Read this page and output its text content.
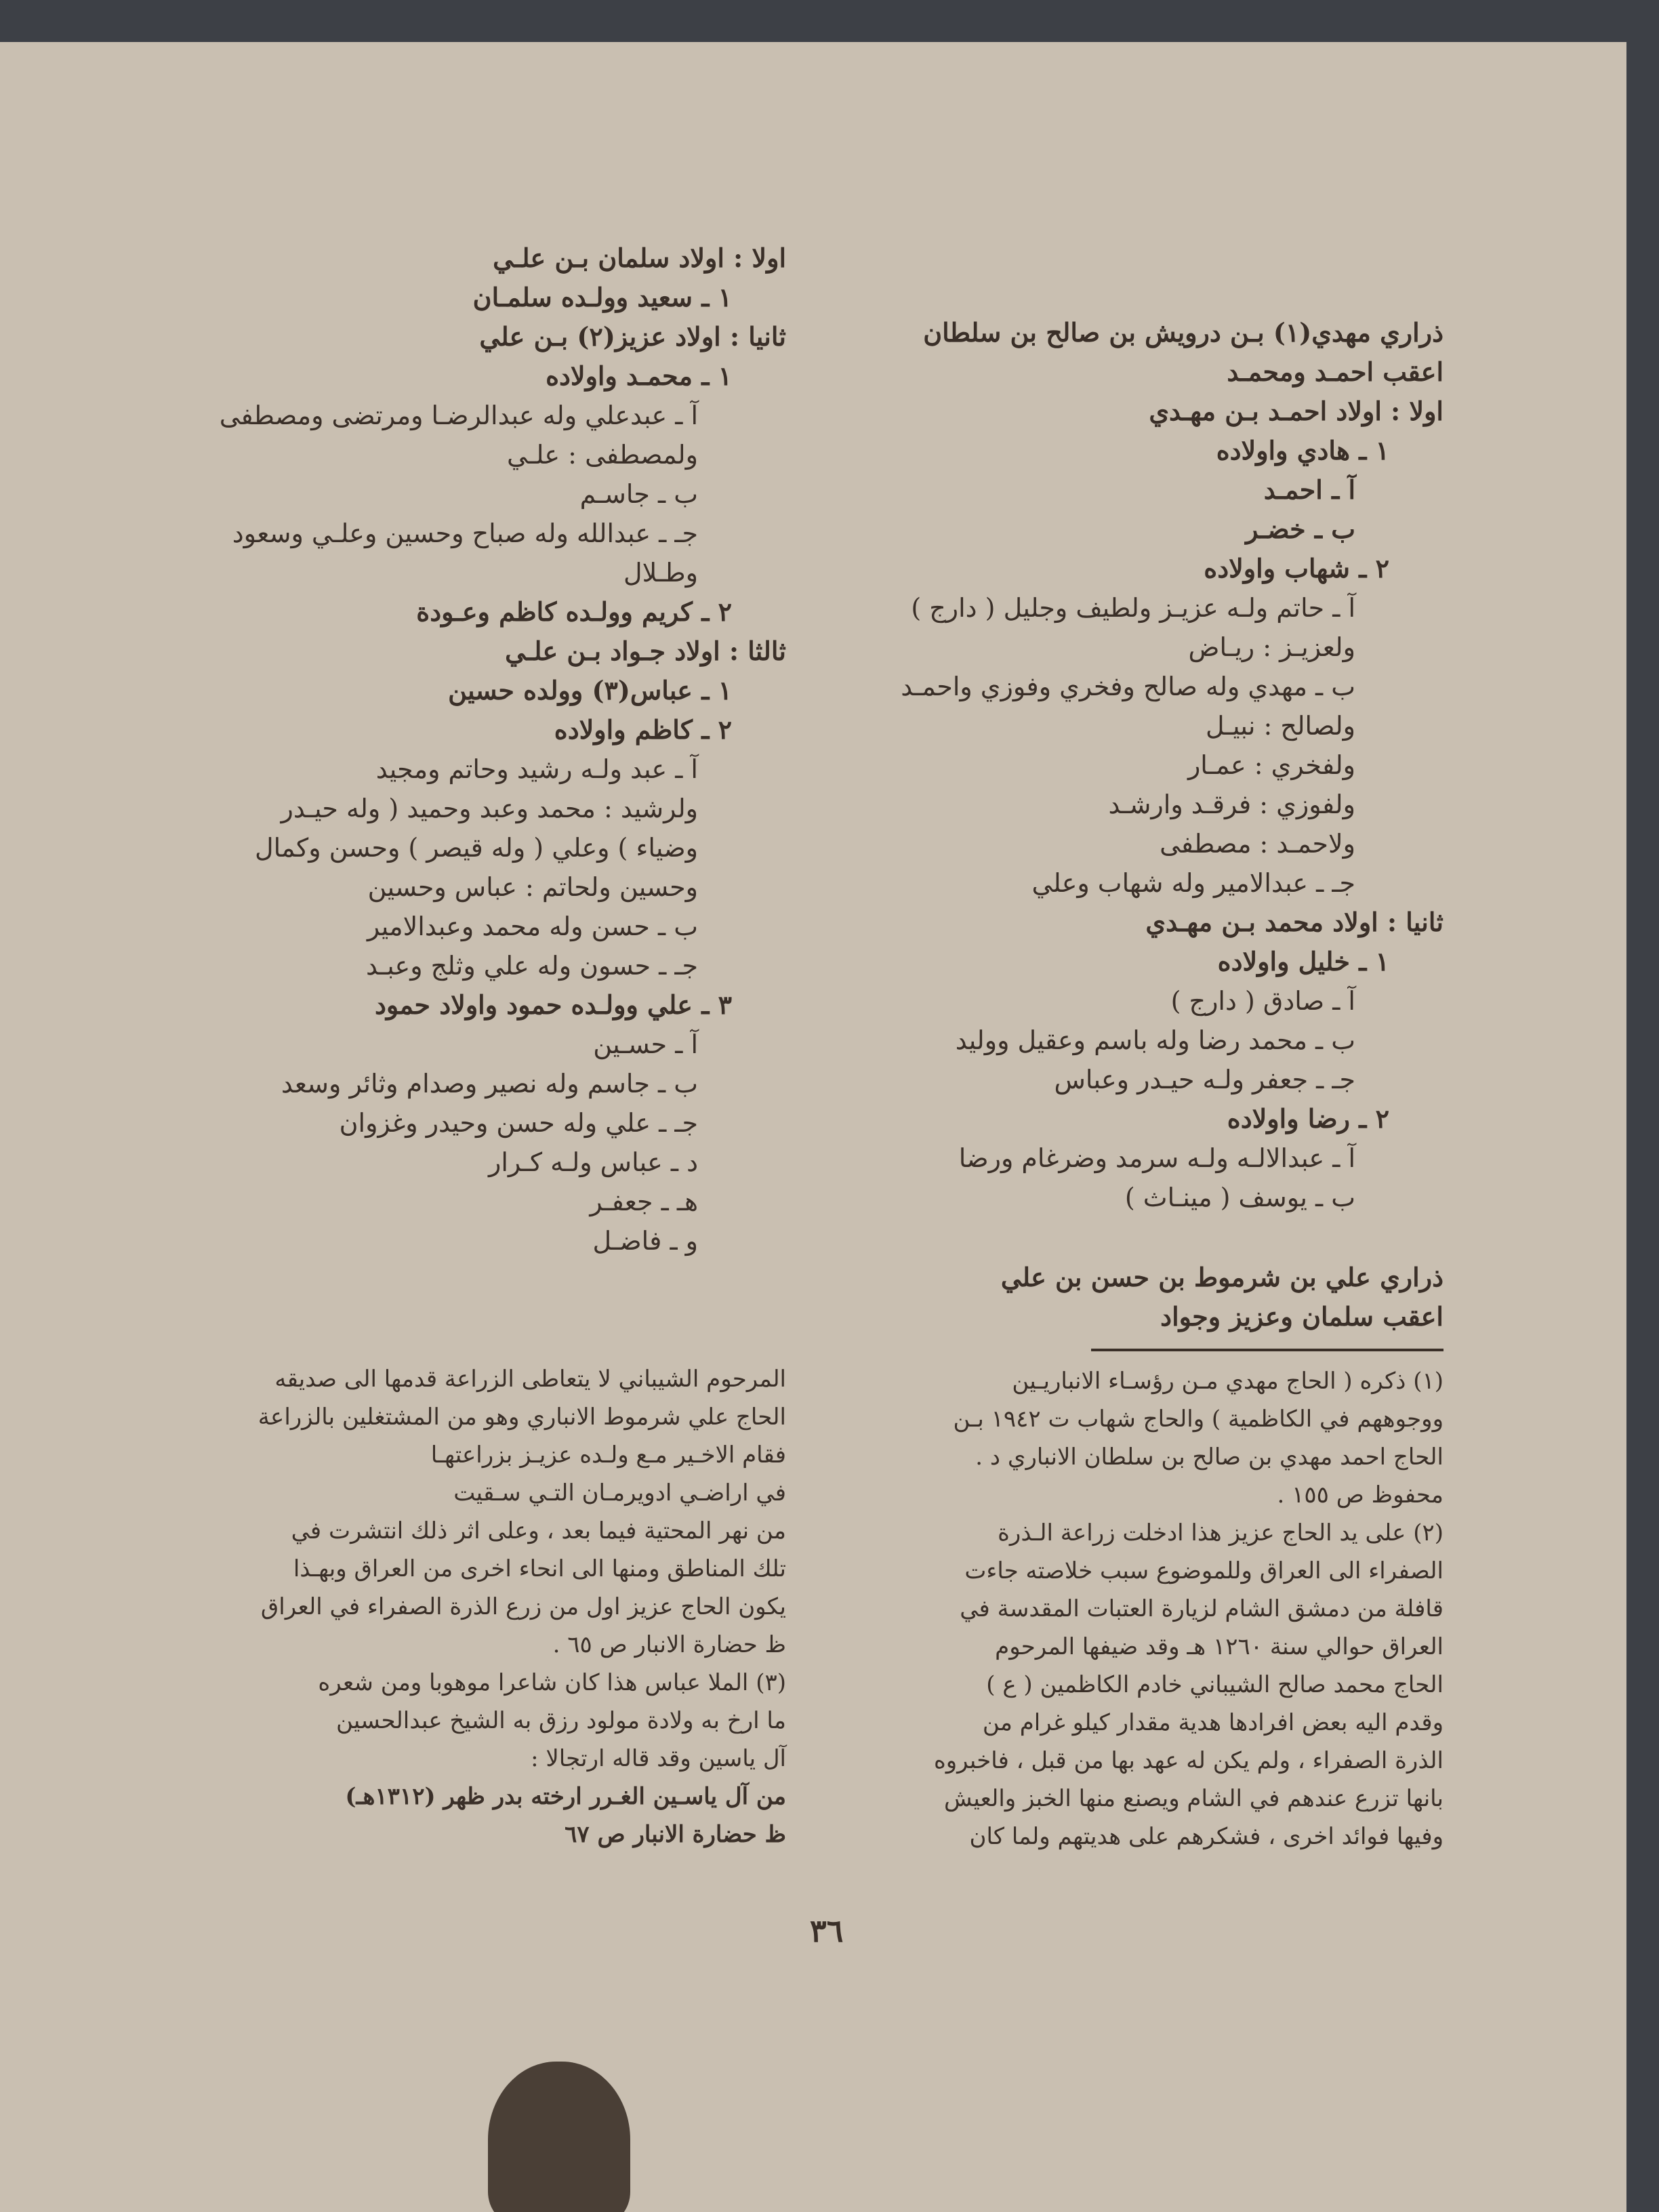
ذراري مهدي(١) بـن درويش بن صالح بن سلطان
اعقب احمـد ومحمـد
اولا : اولاد احمـد بـن مهـدي
١ ـ هادي واولاده
آ ـ احمـد
ب ـ خضـر
٢ ـ شهاب واولاده
آ ـ حاتم ولـه عزيـز ولطيف وجليل ( دارج )
ولعزيـز : ريـاض
ب ـ مهدي وله صالح وفخري وفوزي واحمـد
ولصالح : نبيـل
ولفخري : عمـار
ولفوزي : فرقـد وارشـد
ولاحمـد : مصطفى
جـ ـ عبدالامير وله شهاب وعلي
ثانيا : اولاد محمد بـن مهـدي
١ ـ خليل واولاده
آ ـ صادق ( دارج )
ب ـ محمد رضا وله باسم وعقيل ووليد
جـ ـ جعفر ولـه حيـدر وعباس
٢ ـ رضا واولاده
آ ـ عبدالالـه ولـه سرمد وضرغام ورضا
ب ـ يوسف ( مينـاث )
ذراري علي بن شرموط بن حسن بن علي
اعقب سلمان وعزيز وجواد
اولا : اولاد سلمان بـن علـي
١ ـ سعيد وولـده سلمـان
ثانيا : اولاد عزيز(٢) بـن علي
١ ـ محمـد واولاده
آ ـ عبدعلي وله عبدالرضـا ومرتضى ومصطفى
ولمصطفى : علـي
ب ـ جاسـم
جـ ـ عبدالله وله صباح وحسين وعلـي وسعود
وطـلال
٢ ـ كريم وولـده كاظم وعـودة
ثالثا : اولاد جـواد بـن علـي
١ ـ عباس(٣) وولده حسين
٢ ـ كاظم واولاده
آ ـ عبد ولـه رشيد وحاتم ومجيد
ولرشيد : محمد وعبد وحميد ( وله حيـدر
وضياء ) وعلي ( وله قيصر ) وحسن وكمال
وحسين ولحاتم : عباس وحسين
ب ـ حسن وله محمد وعبدالامير
جـ ـ حسون وله علي وثلج وعبـد
٣ ـ علي وولـده حمود واولاد حمود
آ ـ حسـين
ب ـ جاسم وله نصير وصدام وثائر وسعد
جـ ـ علي وله حسن وحيدر وغزوان
د ـ عباس ولـه كـرار
هـ ـ جعفـر
و ـ فاضـل
(١) ذكره ( الحاج مهدي مـن رؤسـاء الانباريـين
ووجوههم في الكاظمية ) والحاج شهاب ت ١٩٤٢ بـن
الحاج احمد مهدي بن صالح بن سلطان الانباري د .
محفوظ ص ١٥٥ .
(٢) على يد الحاج عزيز هذا ادخلت زراعة الـذرة
الصفراء الى العراق وللموضوع سبب خلاصته جاءت
قافلة من دمشق الشام لزيارة العتبات المقدسة في
العراق حوالي سنة ١٢٦٠ هـ وقد ضيفها المرحوم
الحاج محمد صالح الشيباني خادم الكاظمين ( ع )
وقدم اليه بعض افرادها هدية مقدار كيلو غرام من
الذرة الصفراء ، ولم يكن له عهد بها من قبل ، فاخبروه
بانها تزرع عندهم في الشام ويصنع منها الخبز والعيش
وفيها فوائد اخرى ، فشكرهم على هديتهم ولما كان
المرحوم الشيباني لا يتعاطى الزراعة قدمها الى صديقه
الحاج علي شرموط الانباري وهو من المشتغلين بالزراعة
فقام الاخـير مـع ولـده عزيـز بزراعتهـا
في اراضـي ادويرمـان التـي سـقيت
من نهر المحتية فيما بعد ، وعلى اثر ذلك انتشرت في
تلك المناطق ومنها الى انحاء اخرى من العراق وبهـذا
يكون الحاج عزيز اول من زرع الذرة الصفراء في العراق
ظ حضارة الانبار ص ٦٥ .
(٣) الملا عباس هذا كان شاعرا موهوبا ومن شعره
ما ارخ به ولادة مولود رزق به الشيخ عبدالحسين
آل ياسين وقد قاله ارتجالا :
من آل ياسـين الغـرر ارخته بدر ظهر (١٣١٢هـ)
ظ حضارة الانبار ص ٦٧
٣٦
